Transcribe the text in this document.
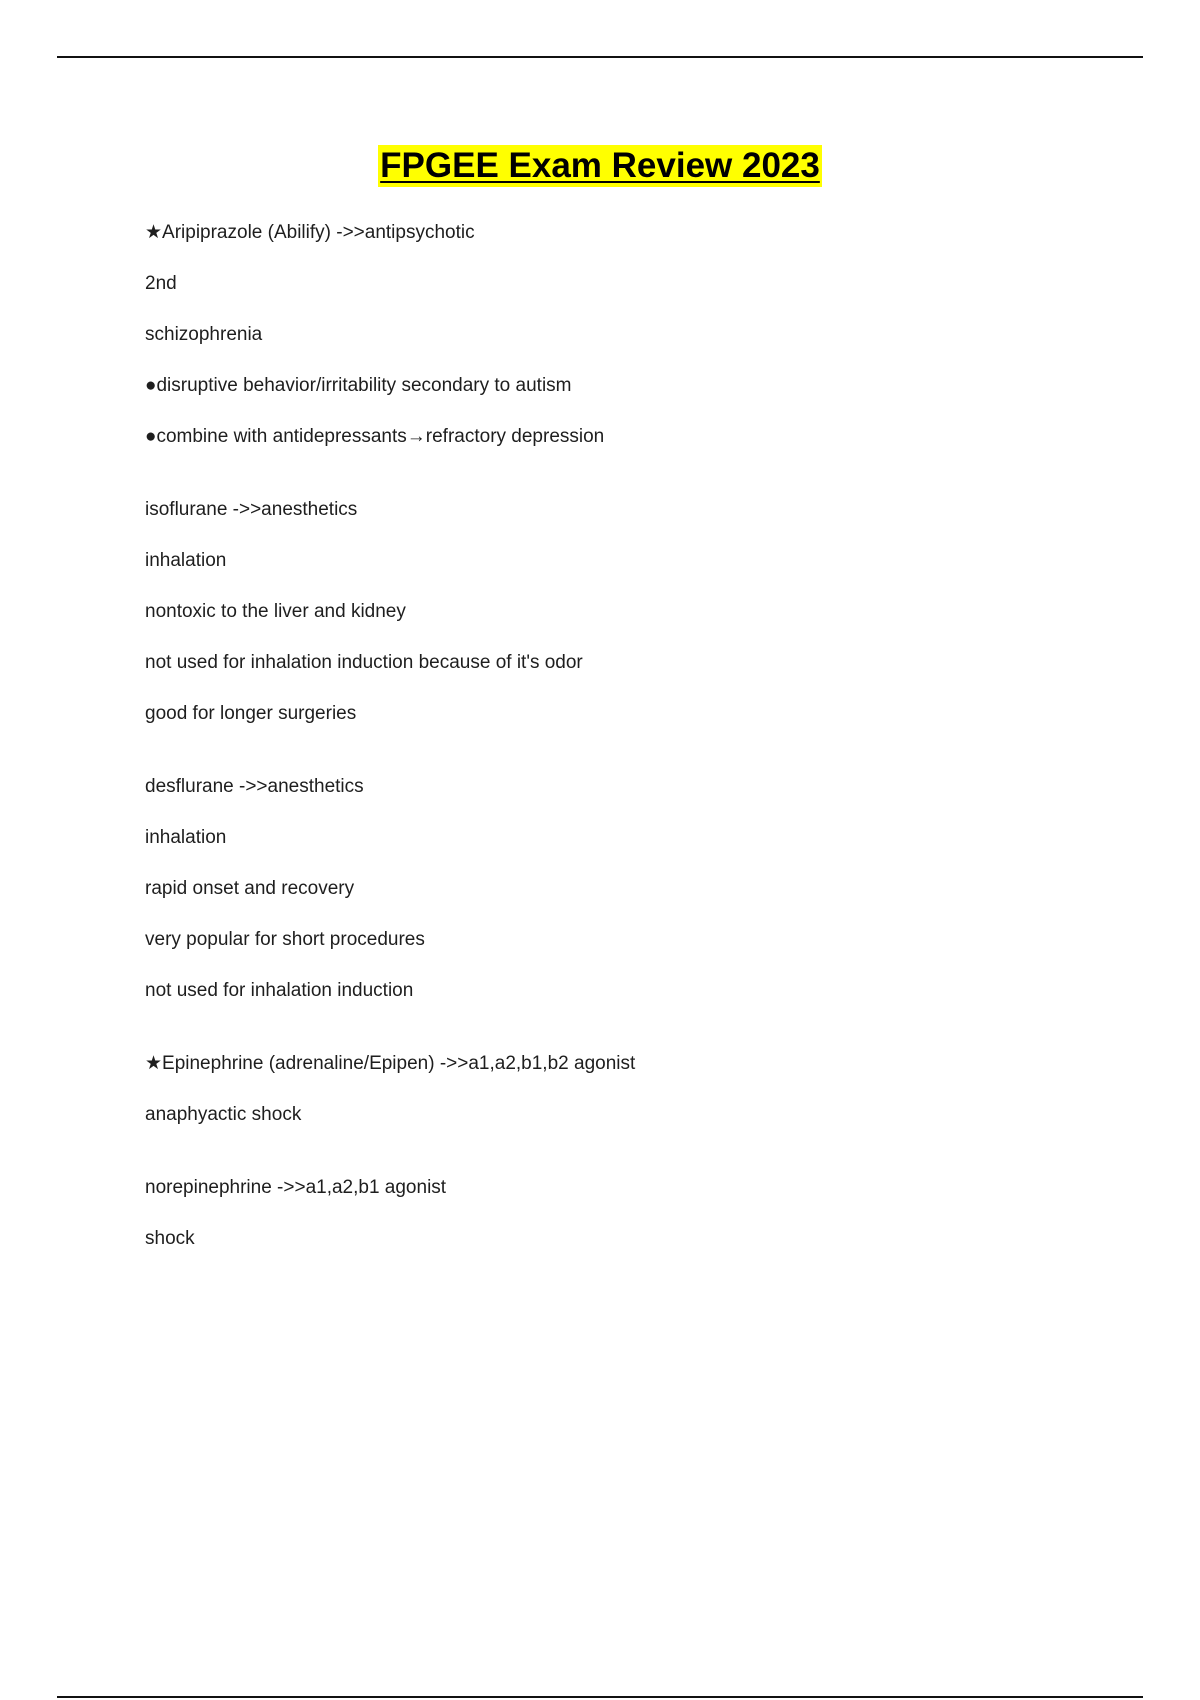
FPGEE Exam Review 2023
★Aripiprazole (Abilify) ->>antipsychotic
2nd
schizophrenia
●disruptive behavior/irritability secondary to autism
●combine with antidepressants→refractory depression
isoflurane ->>anesthetics
inhalation
nontoxic to the liver and kidney
not used for inhalation induction because of it's odor
good for longer surgeries
desflurane ->>anesthetics
inhalation
rapid onset and recovery
very popular for short procedures
not used for inhalation induction
★Epinephrine (adrenaline/Epipen) ->>a1,a2,b1,b2 agonist
anaphyactic shock
norepinephrine ->>a1,a2,b1 agonist
shock
